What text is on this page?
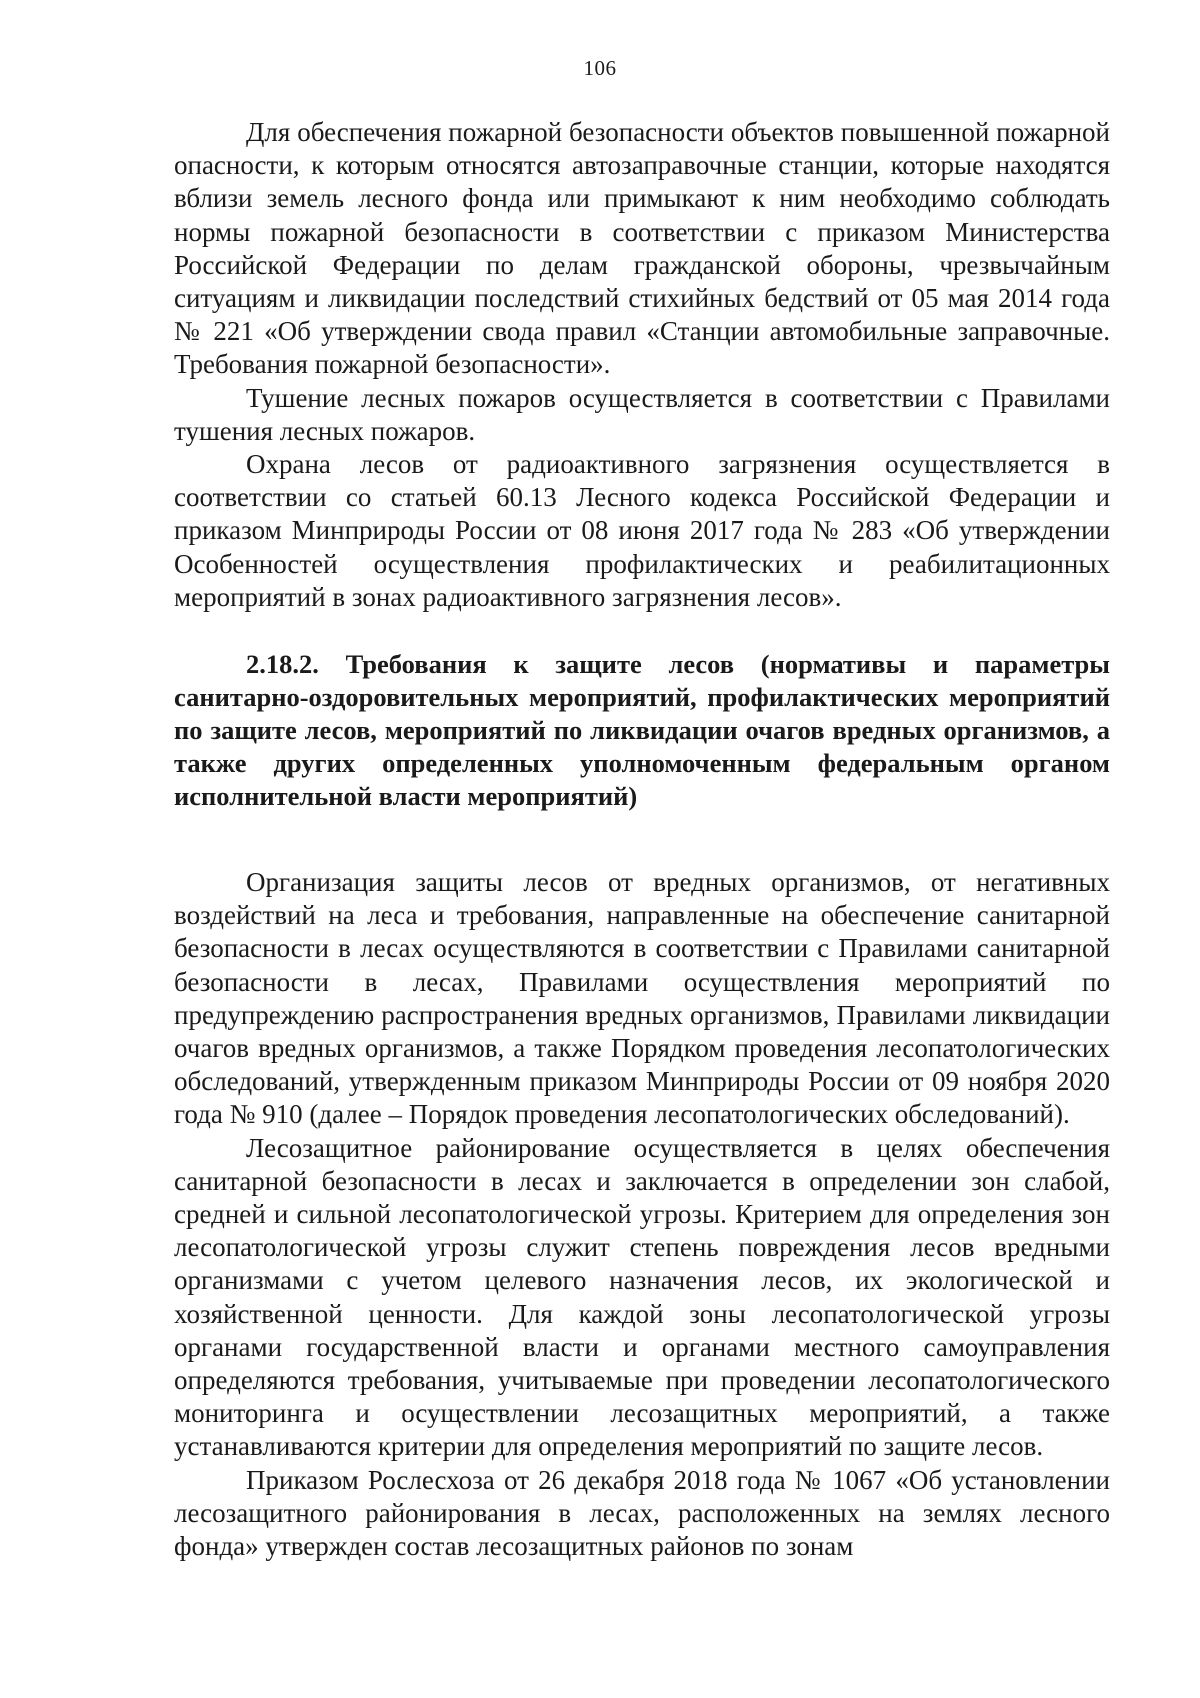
106

Для обеспечения пожарной безопасности объектов повышенной пожарной опасности, к которым относятся автозаправочные станции, которые находятся вблизи земель лесного фонда или примыкают к ним необходимо соблюдать нормы пожарной безопасности в соответствии с приказом Министерства Российской Федерации по делам гражданской обороны, чрезвычайным ситуациям и ликвидации последствий стихийных бедствий от 05 мая 2014 года № 221 «Об утверждении свода правил «Станции автомобильные заправочные. Требования пожарной безопасности».

Тушение лесных пожаров осуществляется в соответствии с Правилами тушения лесных пожаров.

Охрана лесов от радиоактивного загрязнения осуществляется в соответствии со статьей 60.13 Лесного кодекса Российской Федерации и приказом Минприроды России от 08 июня 2017 года № 283 «Об утверждении Особенностей осуществления профилактических и реабилитационных мероприятий в зонах радиоактивного загрязнения лесов».

2.18.2. Требования к защите лесов (нормативы и параметры санитарно-оздоровительных мероприятий, профилактических мероприятий по защите лесов, мероприятий по ликвидации очагов вредных организмов, а также других определенных уполномоченным федеральным органом исполнительной власти мероприятий)

Организация защиты лесов от вредных организмов, от негативных воздействий на леса и требования, направленные на обеспечение санитарной безопасности в лесах осуществляются в соответствии с Правилами санитарной безопасности в лесах, Правилами осуществления мероприятий по предупреждению распространения вредных организмов, Правилами ликвидации очагов вредных организмов, а также Порядком проведения лесопатологических обследований, утвержденным приказом Минприроды России от 09 ноября 2020 года № 910 (далее – Порядок проведения лесопатологических обследований).

Лесозащитное районирование осуществляется в целях обеспечения санитарной безопасности в лесах и заключается в определении зон слабой, средней и сильной лесопатологической угрозы. Критерием для определения зон лесопатологической угрозы служит степень повреждения лесов вредными организмами с учетом целевого назначения лесов, их экологической и хозяйственной ценности. Для каждой зоны лесопатологической угрозы органами государственной власти и органами местного самоуправления определяются требования, учитываемые при проведении лесопатологического мониторинга и осуществлении лесозащитных мероприятий, а также устанавливаются критерии для определения мероприятий по защите лесов.

Приказом Рослесхоза от 26 декабря 2018 года № 1067 «Об установлении лесозащитного районирования в лесах, расположенных на землях лесного фонда» утвержден состав лесозащитных районов по зонам
